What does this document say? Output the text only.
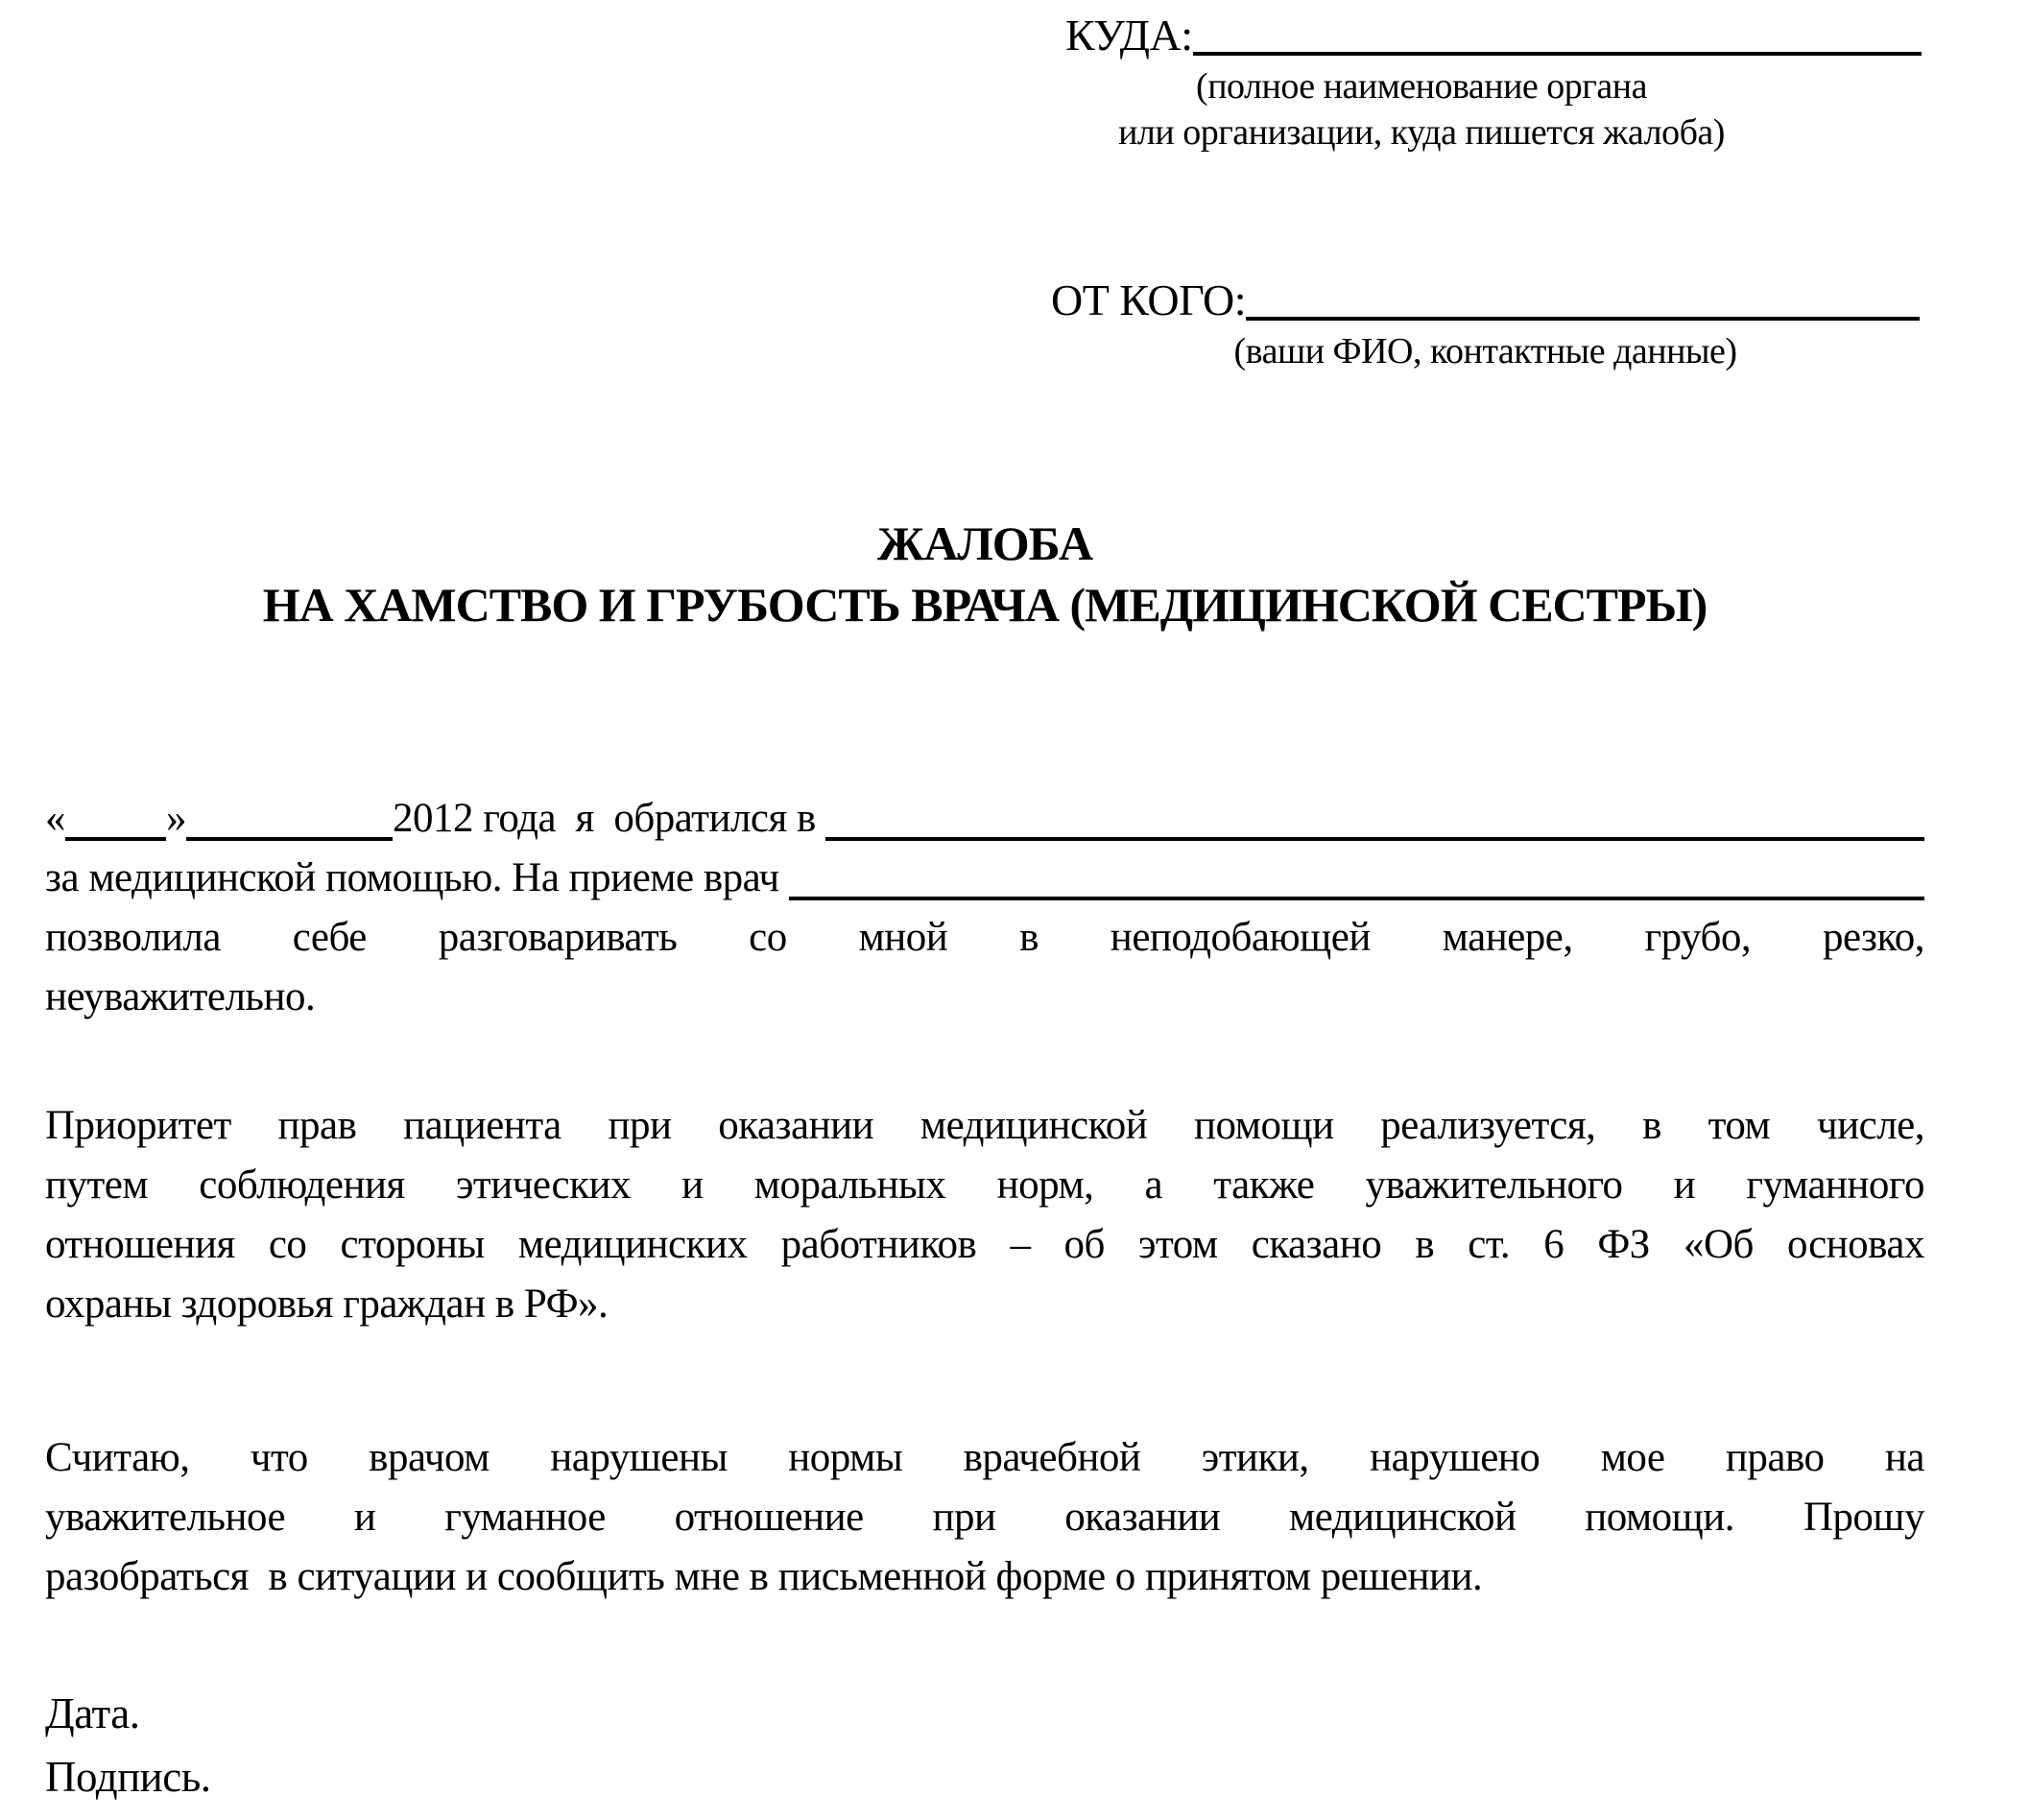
КУДА:
(полное наименование органа
или организации, куда пишется жалоба)
ОТ КОГО:
(ваши ФИО, контактные данные)
ЖАЛОБА
НА ХАМСТВО И ГРУБОСТЬ ВРАЧА (МЕДИЦИНСКОЙ СЕСТРЫ)
« »	2012 года  я  обратился в
за медицинской помощью. На приеме врач
позволила себе разговаривать со мной в неподобающей манере, грубо, резко,
неуважительно.
Приоритет прав пациента при оказании медицинской помощи реализуется, в том числе,
путем соблюдения этических и моральных норм, а также уважительного и гуманного
отношения со стороны медицинских работников – об этом сказано в ст. 6 ФЗ «Об основах
охраны здоровья граждан в РФ».
Считаю, что врачом нарушены нормы врачебной этики, нарушено мое право на
уважительное и гуманное отношение при оказании медицинской помощи. Прошу
разобраться  в ситуации и сообщить мне в письменной форме о принятом решении.
Дата.
Подпись.
